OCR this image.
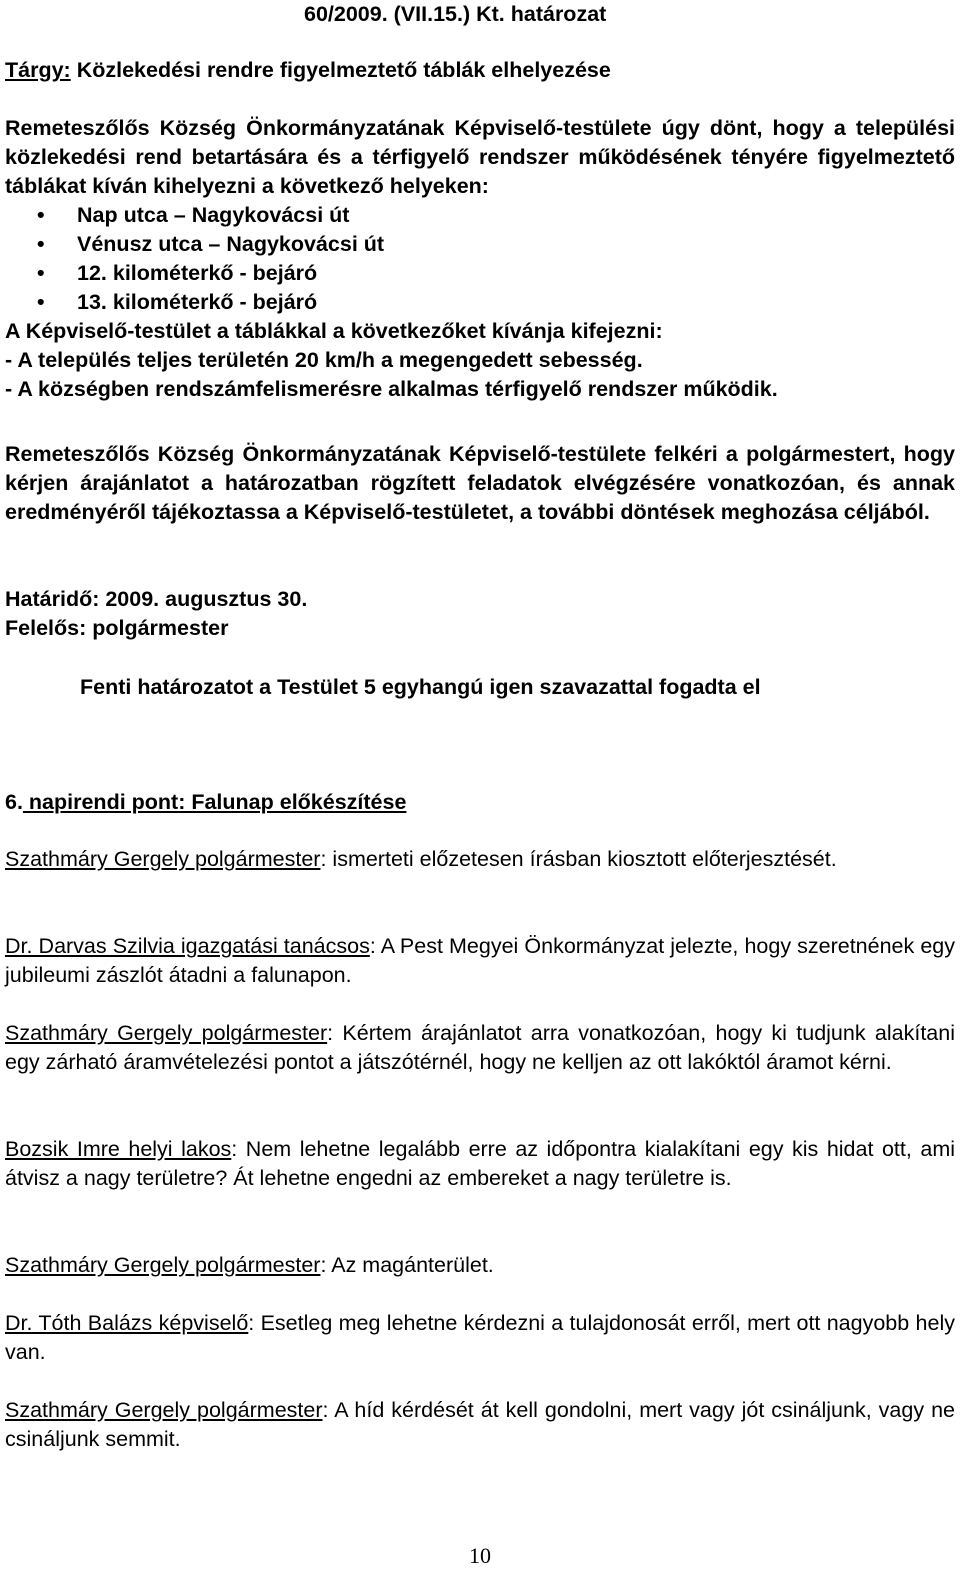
60/2009. (VII.15.) Kt. határozat
Tárgy: Közlekedési rendre figyelmeztető táblák elhelyezése
Remeteszőlős Község Önkormányzatának Képviselő-testülete úgy dönt, hogy a települési közlekedési rend betartására és a térfigyelő rendszer működésének tényére figyelmeztető táblákat kíván kihelyezni a következő helyeken:
• Nap utca – Nagykovácsi út
• Vénusz utca – Nagykovácsi út
• 12. kilométerkő - bejáró
• 13. kilométerkő - bejáró
A Képviselő-testület a táblákkal a következőket kívánja kifejezni:
- A település teljes területén 20 km/h a megengedett sebesség.
- A községben rendszámfelismerésre alkalmas térfigyelő rendszer működik.
Remeteszőlős Község Önkormányzatának Képviselő-testülete felkéri a polgármestert, hogy kérjen árajánlatot a határozatban rögzített feladatok elvégzésére vonatkozóan, és annak eredményéről tájékoztassa a Képviselő-testületet, a további döntések meghozása céljából.
Határidő: 2009. augusztus 30.
Felelős: polgármester
Fenti határozatot a Testület 5 egyhangú igen szavazattal fogadta el
6. napirendi pont: Falunap előkészítése
Szathmáry Gergely polgármester: ismerteti előzetesen írásban kiosztott előterjesztését.
Dr. Darvas Szilvia igazgatási tanácsos: A Pest Megyei Önkormányzat jelezte, hogy szeretnének egy jubileumi zászlót átadni a falunapon.
Szathmáry Gergely polgármester: Kértem árajánlatot arra vonatkozóan, hogy ki tudjunk alakítani egy zárható áramvételezési pontot a játszótérnél, hogy ne kelljen az ott lakóktól áramot kérni.
Bozsik Imre helyi lakos: Nem lehetne legalább erre az időpontra kialakítani egy kis hidat ott, ami átvisz a nagy területre? Át lehetne engedni az embereket a nagy területre is.
Szathmáry Gergely polgármester: Az magánterület.
Dr. Tóth Balázs képviselő: Esetleg meg lehetne kérdezni a tulajdonosát erről, mert ott nagyobb hely van.
Szathmáry Gergely polgármester: A híd kérdését át kell gondolni, mert vagy jót csináljunk, vagy ne csináljunk semmit.
10
